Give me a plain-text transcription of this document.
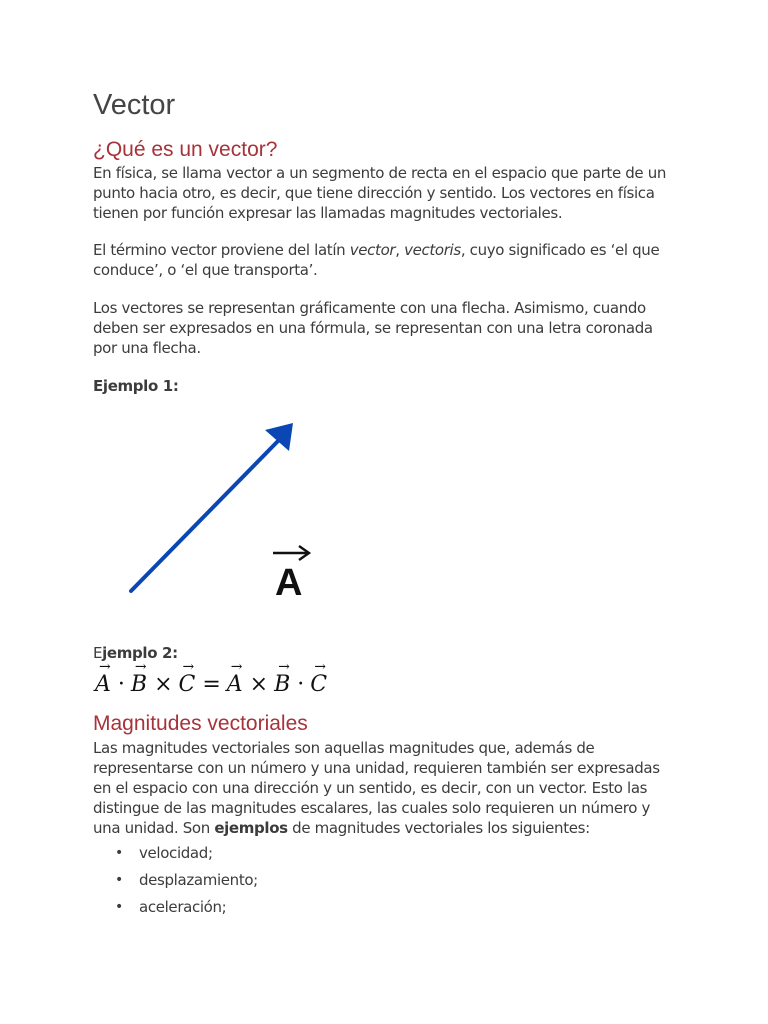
Vector
¿Qué es un vector?

En física, se llama vector a un segmento de recta en el espacio que parte de un punto hacia otro, es decir, que tiene dirección y sentido. Los vectores en física tienen por función expresar las llamadas magnitudes vectoriales.

El término vector proviene del latín vector, vectoris, cuyo significado es ‘el que conduce’, o ‘el que transporta’.

Los vectores se representan gráficamente con una flecha. Asimismo, cuando deben ser expresados en una fórmula, se representan con una letra coronada por una flecha.

Ejemplo 1:

A

Ejemplo 2:

→ A · → B × → C = → A × → B · → C
Magnitudes vectoriales

Las magnitudes vectoriales son aquellas magnitudes que, además de representarse con un número y una unidad, requieren también ser expresadas en el espacio con una dirección y un sentido, es decir, con un vector. Esto las distingue de las magnitudes escalares, las cuales solo requieren un número y una unidad. Son ejemplos de magnitudes vectoriales los siguientes:

• velocidad;
• desplazamiento;
• aceleración;
